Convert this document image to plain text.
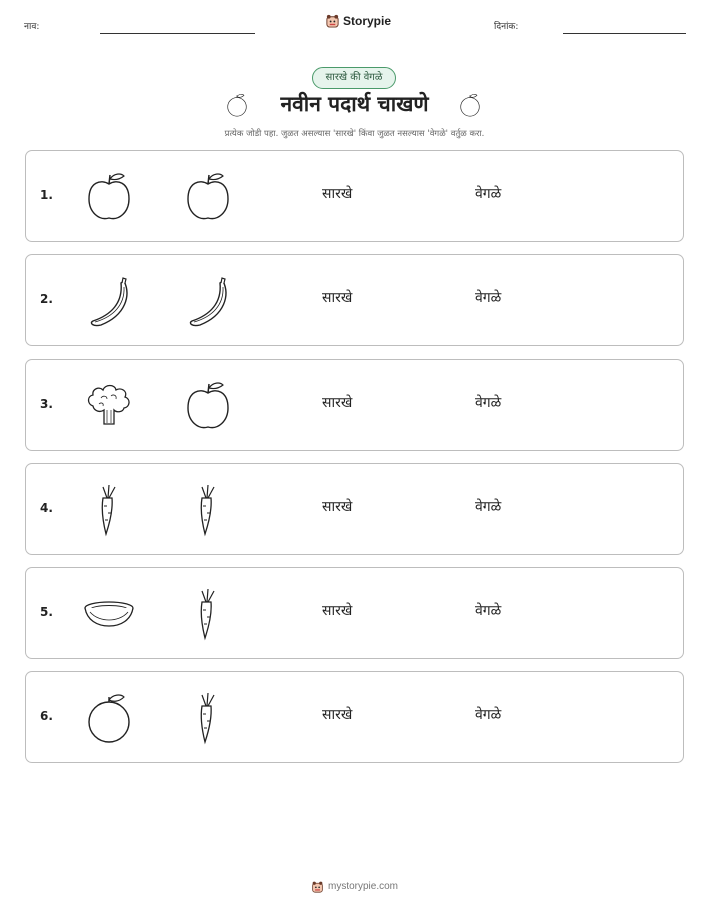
नाव:	Storypie	दिनांक:
सारखे की वेगळे
नवीन पदार्थ चाखणे
प्रत्येक जोडी पहा. जुळत असल्यास 'सारखे' किंवा जुळत नसल्यास 'वेगळे' वर्तुळ करा.
1.	सारखे	वेगळे
2.	सारखे	वेगळे
3.	सारखे	वेगळे
4.	सारखे	वेगळे
5.	सारखे	वेगळे
6.	सारखे	वेगळे
mystorypie.com
